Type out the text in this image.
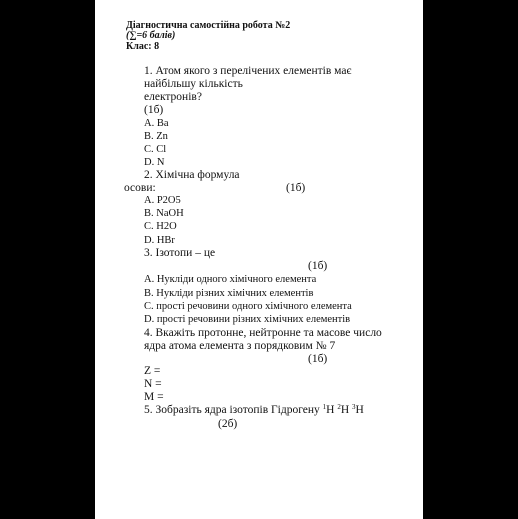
Діагностична самостійна робота №2
(∑=6 балів)
Клас: 8
1. Атом якого з перелічених елементів має
найбільшу кількість
електронів?
(1б)
A. Ba
B. Zn
C. Cl
D. N
2. Хімічна формула
осови:	(1б)
A. P2O5
B. NaOH
C. H2O
D. HBr
3. Ізотопи – це
(1б)
A. Нукліди одного хімічного елемента
B. Нукліди різних хімічних елементів
C. прості речовини одного хімічного елемента
D. прості речовини різних хімічних елементів
4. Вкажіть протонне, нейтронне та масове число
ядра атома елемента з порядковим № 7
(1б)
Z =
N =
M =
5. Зобразіть ядра ізотопів Гідрогену $^1$H $^2$H $^3$H
(2б)
